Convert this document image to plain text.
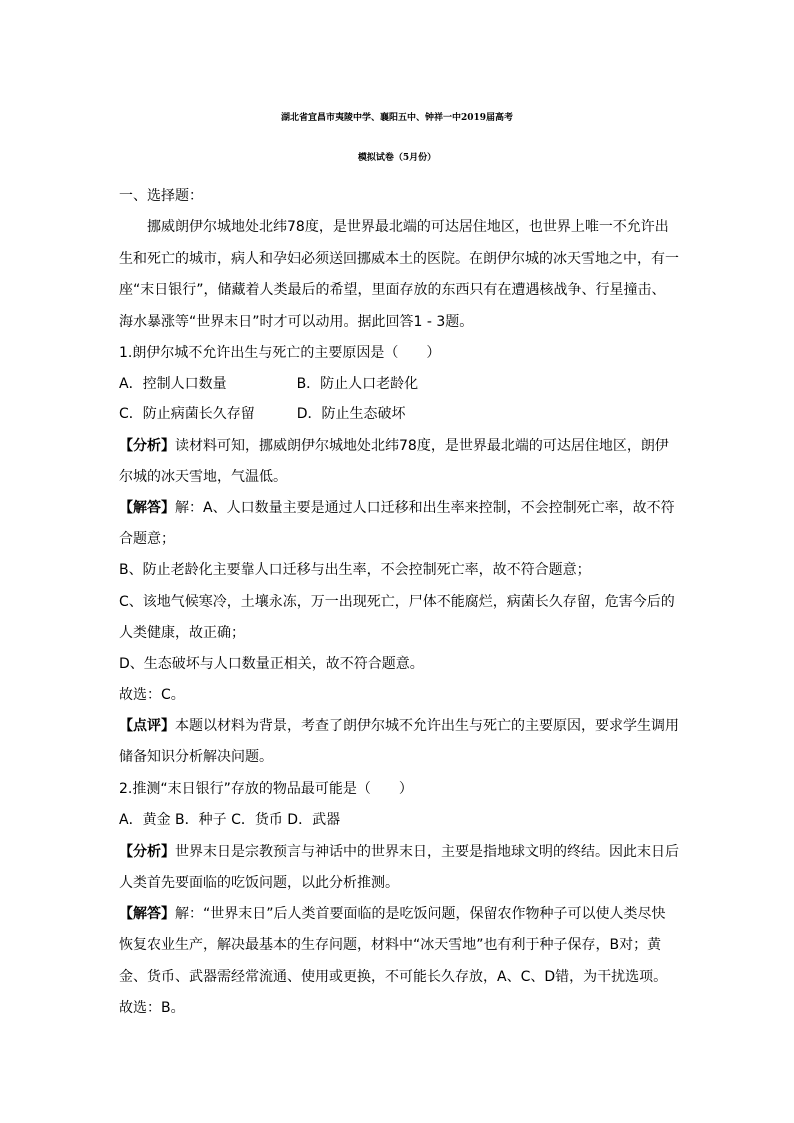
湖北省宜昌市夷陵中学、襄阳五中、钟祥一中2019届高考
模拟试卷（5月份）
一、选择题：
挪威朗伊尔城地处北纬78度，是世界最北端的可达居住地区，也世界上唯一不允许出
生和死亡的城市，病人和孕妇必须送回挪威本土的医院。在朗伊尔城的冰天雪地之中，有一
座“末日银行”，储藏着人类最后的希望，里面存放的东西只有在遭遇核战争、行星撞击、
海水暴涨等“世界末日”时才可以动用。据此回答1 - 3题。
1.朗伊尔城不允许出生与死亡的主要原因是（　　）
A．控制人口数量　　　　　B．防止人口老龄化
C．防止病菌长久存留　　　D．防止生态破坏
【分析】读材料可知，挪威朗伊尔城地处北纬78度，是世界最北端的可达居住地区，朗伊
尔城的冰天雪地，气温低。
【解答】解：A、人口数量主要是通过人口迁移和出生率来控制，不会控制死亡率，故不符
合题意；
B、防止老龄化主要靠人口迁移与出生率，不会控制死亡率，故不符合题意；
C、该地气候寒冷，土壤永冻，万一出现死亡，尸体不能腐烂，病菌长久存留，危害今后的
人类健康，故正确；
D、生态破坏与人口数量正相关，故不符合题意。
故选：C。
【点评】本题以材料为背景，考查了朗伊尔城不允许出生与死亡的主要原因，要求学生调用
储备知识分析解决问题。
2.推测“末日银行”存放的物品最可能是（　　）
A．黄金 B．种子 C．货币 D．武器
【分析】世界末日是宗教预言与神话中的世界末日，主要是指地球文明的终结。因此末日后
人类首先要面临的吃饭问题，以此分析推测。
【解答】解：“世界末日”后人类首要面临的是吃饭问题，保留农作物种子可以使人类尽快
恢复农业生产，解决最基本的生存问题，材料中“冰天雪地”也有利于种子保存，B对；黄
金、货币、武器需经常流通、使用或更换，不可能长久存放，A、C、D错，为干扰选项。
故选：B。
